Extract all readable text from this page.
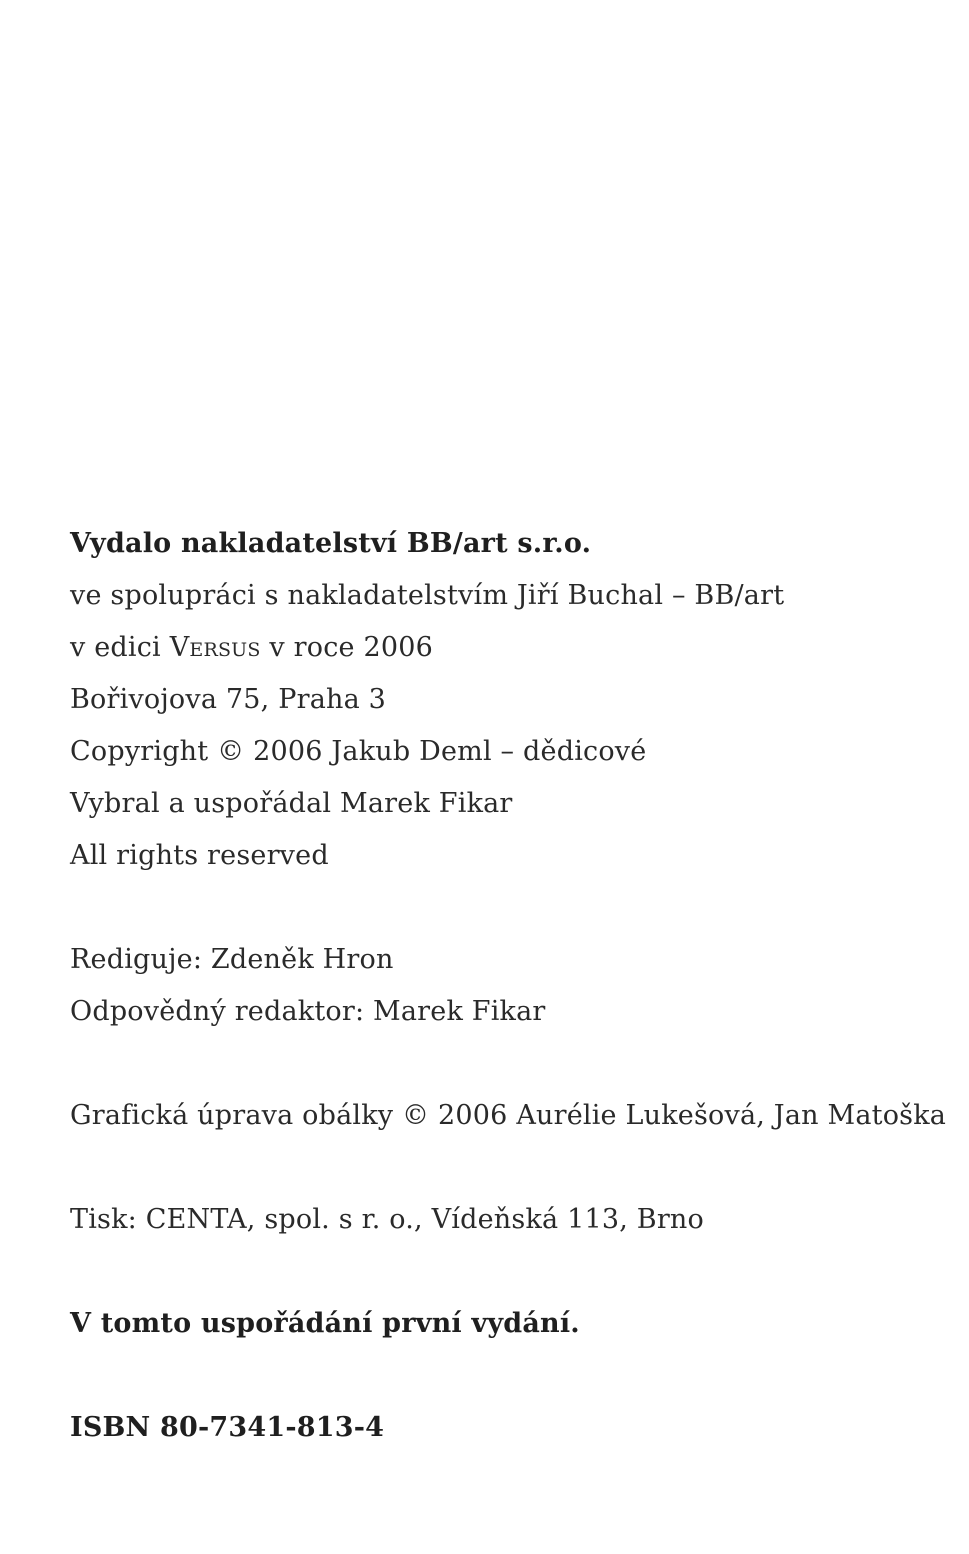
Vydalo nakladatelství BB/art s.r.o.
ve spolupráci s nakladatelstvím Jiří Buchal – BB/art
v edici Versus v roce 2006
Bořivojova 75, Praha 3
Copyright © 2006 Jakub Deml – dědicové
Vybral a uspořádal Marek Fikar
All rights reserved
Rediguje: Zdeněk Hron
Odpovědný redaktor: Marek Fikar
Grafická úprava obálky © 2006 Aurélie Lukešová, Jan Matoška
Tisk: CENTA, spol. s r. o., Vídeňská 113, Brno
V tomto uspořádání první vydání.
ISBN 80-7341-813-4
